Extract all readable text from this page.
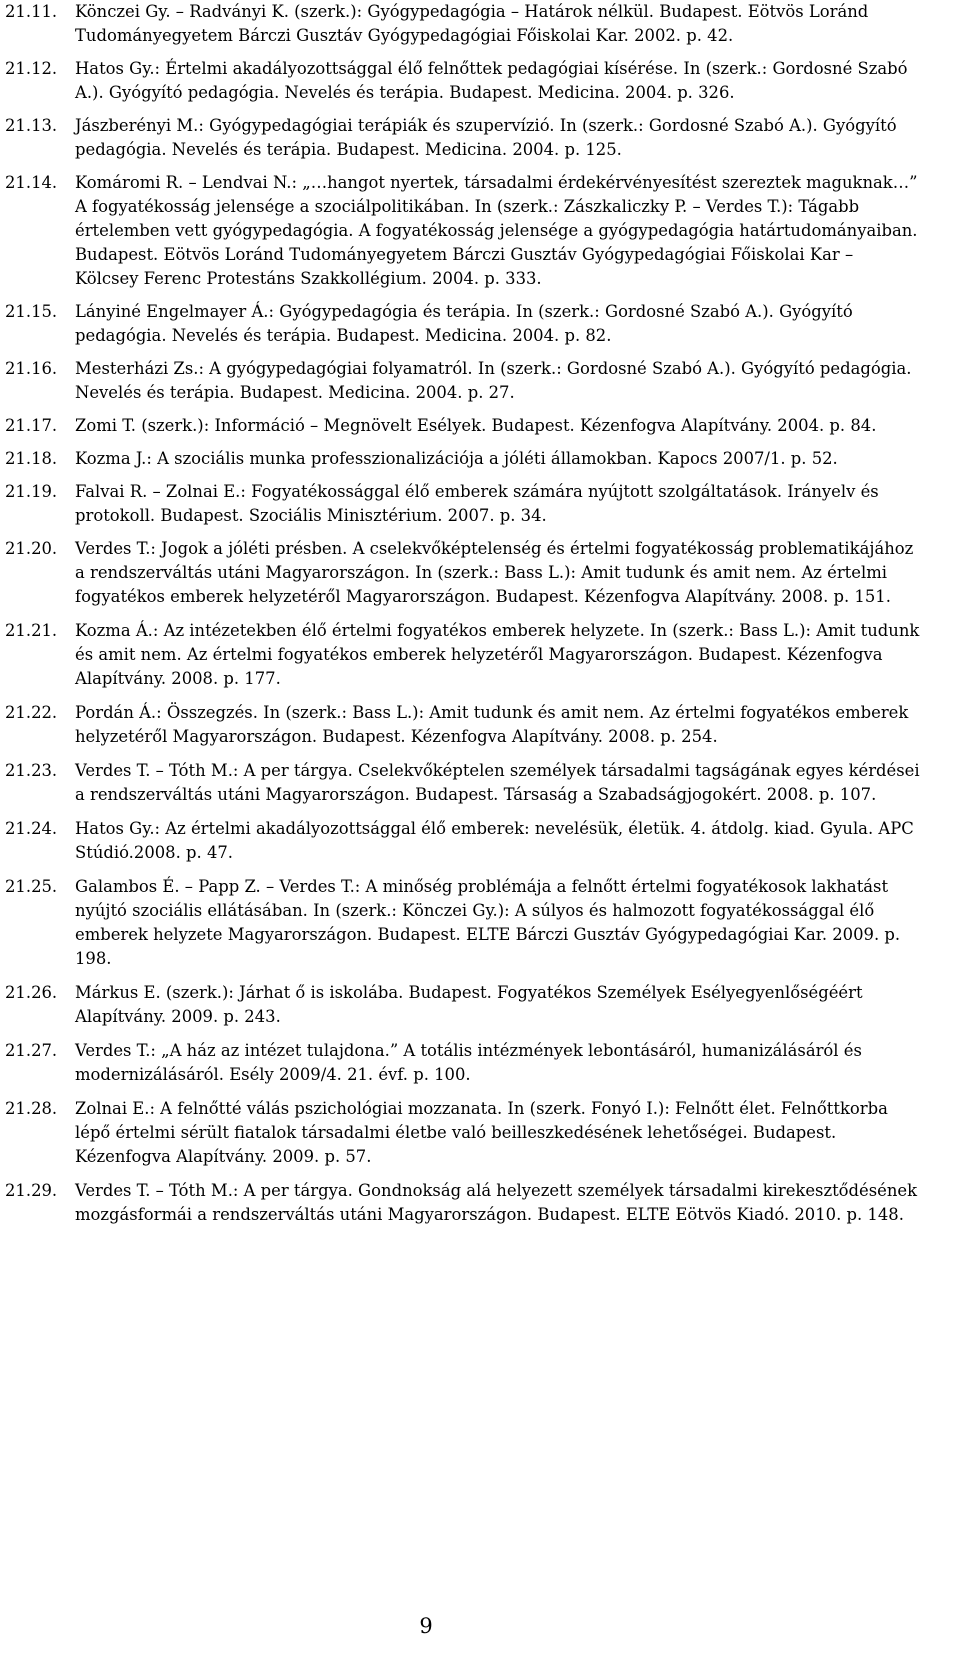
21.11.	Könczei Gy. – Radványi K. (szerk.): Gyógypedagógia – Határok nélkül. Budapest. Eötvös Loránd Tudományegyetem Bárczi Gusztáv Gyógypedagógiai Főiskolai Kar. 2002. p. 42.
21.12.	Hatos Gy.: Értelmi akadályozottsággal élő felnőttek pedagógiai kísérése. In (szerk.: Gordosné Szabó A.). Gyógyító pedagógia. Nevelés és terápia. Budapest. Medicina. 2004. p. 326.
21.13.	Jászberényi M.: Gyógypedagógiai terápiák és szupervízió. In (szerk.: Gordosné Szabó A.). Gyógyító pedagógia. Nevelés és terápia. Budapest. Medicina. 2004. p. 125.
21.14.	Komáromi R. – Lendvai N.: „…hangot nyertek, társadalmi érdekérvényesítést szereztek maguknak…” A fogyatékosság jelensége a szociálpolitikában. In (szerk.: Zászkaliczky P. – Verdes T.): Tágabb értelemben vett gyógypedagógia. A fogyatékosság jelensége a gyógypedagógia határtudományaiban. Budapest. Eötvös Loránd Tudományegyetem Bárczi Gusztáv Gyógypedagógiai Főiskolai Kar – Kölcsey Ferenc Protestáns Szakkollégium. 2004. p. 333.
21.15.	Lányiné Engelmayer Á.: Gyógypedagógia és terápia. In (szerk.: Gordosné Szabó A.). Gyógyító pedagógia. Nevelés és terápia. Budapest. Medicina. 2004. p. 82.
21.16.	Mesterházi Zs.: A gyógypedagógiai folyamatról. In (szerk.: Gordosné Szabó A.). Gyógyító pedagógia. Nevelés és terápia. Budapest. Medicina. 2004. p. 27.
21.17.	Zomi T. (szerk.): Információ – Megnövelt Esélyek. Budapest. Kézenfogva Alapítvány. 2004. p. 84.
21.18.	Kozma J.: A szociális munka professzionalizációja a jóléti államokban. Kapocs 2007/1. p. 52.
21.19.	Falvai R. – Zolnai E.: Fogyatékossággal élő emberek számára nyújtott szolgáltatások. Irányelv és protokoll. Budapest. Szociális Minisztérium. 2007. p. 34.
21.20.	Verdes T.: Jogok a jóléti présben. A cselekvőképtelenség és értelmi fogyatékosság problematikájához a rendszerváltás utáni Magyarországon. In (szerk.: Bass L.): Amit tudunk és amit nem. Az értelmi fogyatékos emberek helyzetéről Magyarországon. Budapest. Kézenfogva Alapítvány. 2008. p. 151.
21.21.	Kozma Á.: Az intézetekben élő értelmi fogyatékos emberek helyzete. In (szerk.: Bass L.): Amit tudunk és amit nem. Az értelmi fogyatékos emberek helyzetéről Magyarországon. Budapest. Kézenfogva Alapítvány. 2008. p. 177.
21.22.	Pordán Á.: Összegzés. In (szerk.: Bass L.): Amit tudunk és amit nem. Az értelmi fogyatékos emberek helyzetéről Magyarországon. Budapest. Kézenfogva Alapítvány. 2008. p. 254.
21.23.	Verdes T. – Tóth M.: A per tárgya. Cselekvőképtelen személyek társadalmi tagságának egyes kérdései a rendszerváltás utáni Magyarországon. Budapest. Társaság a Szabadságjogokért. 2008. p. 107.
21.24.	Hatos Gy.: Az értelmi akadályozottsággal élő emberek: nevelésük, életük. 4. átdolg. kiad. Gyula. APC Stúdió.2008. p. 47.
21.25.	Galambos É. – Papp Z. – Verdes T.: A minőség problémája a felnőtt értelmi fogyatékosok lakhatást nyújtó szociális ellátásában. In (szerk.: Könczei Gy.): A súlyos és halmozott fogyatékossággal élő emberek helyzete Magyarországon. Budapest. ELTE Bárczi Gusztáv Gyógypedagógiai Kar. 2009. p. 198.
21.26.	Márkus E. (szerk.): Járhat ő is iskolába. Budapest. Fogyatékos Személyek Esélyegyenlőségéért Alapítvány. 2009. p. 243.
21.27.	Verdes T.: „A ház az intézet tulajdona.” A totális intézmények lebontásáról, humanizálásáról és modernizálásáról. Esély 2009/4. 21. évf. p. 100.
21.28.	Zolnai E.: A felnőtté válás pszichológiai mozzanata. In (szerk. Fonyó I.): Felnőtt élet. Felnőttkorba lépő értelmi sérült fiatalok társadalmi életbe való beilleszkedésének lehetőségei. Budapest. Kézenfogva Alapítvány. 2009. p. 57.
21.29.	Verdes T. – Tóth M.: A per tárgya. Gondnokság alá helyezett személyek társadalmi kirekesztődésének mozgásformái a rendszerváltás utáni Magyarországon. Budapest. ELTE Eötvös Kiadó. 2010. p. 148.
9
